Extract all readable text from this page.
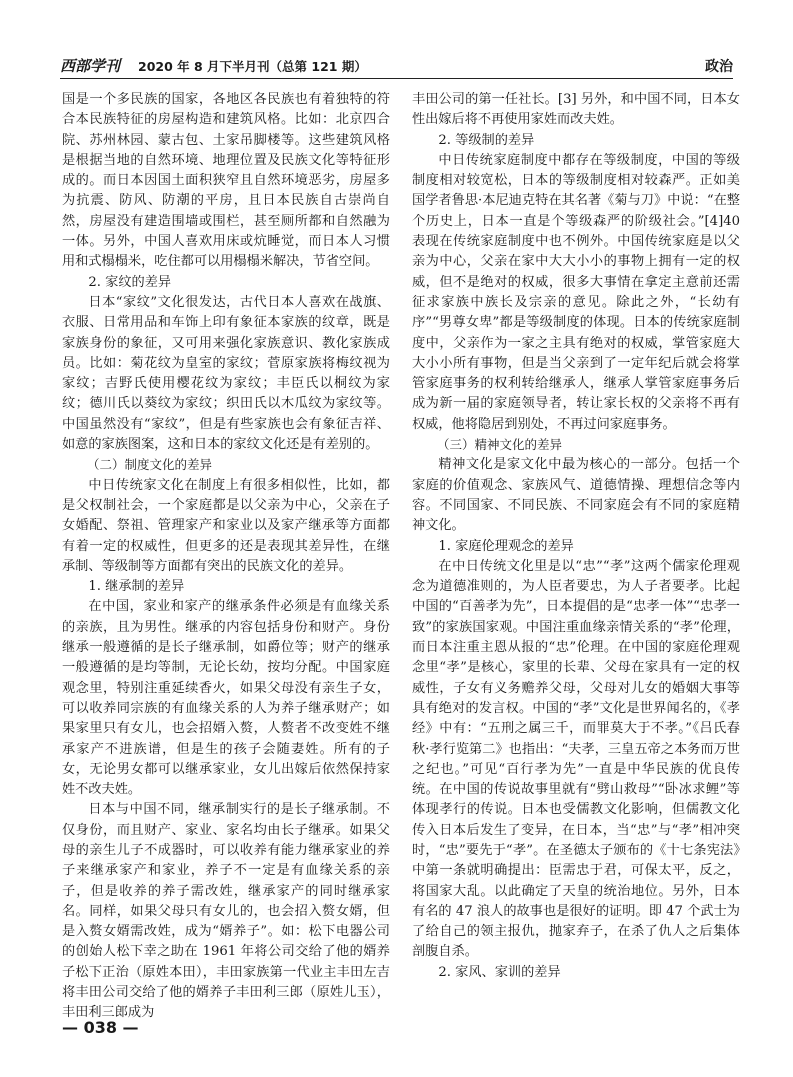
西部学刊 2020 年 8 月下半月刊（总第 121 期）	政治

国是一个多民族的国家，各地区各民族也有着独特的符合本民族特征的房屋构造和建筑风格。比如：北京四合院、苏州林园、蒙古包、土家吊脚楼等。这些建筑风格是根据当地的自然环境、地理位置及民族文化等特征形成的。而日本因国土面积狭窄且自然环境恶劣，房屋多为抗震、防风、防潮的平房，且日本民族自古崇尚自然，房屋没有建造围墙或围栏，甚至厕所都和自然融为一体。另外，中国人喜欢用床或炕睡觉，而日本人习惯用和式榻榻米，吃住都可以用榻榻米解决，节省空间。

2. 家纹的差异

日本“家纹”文化很发达，古代日本人喜欢在战旗、衣服、日常用品和车饰上印有象征本家族的纹章，既是家族身份的象征，又可用来强化家族意识、教化家族成员。比如：菊花纹为皇室的家纹；菅原家族将梅纹视为家纹；吉野氏使用樱花纹为家纹；丰臣氏以桐纹为家纹；德川氏以葵纹为家纹；织田氏以木瓜纹为家纹等。中国虽然没有“家纹”，但是有些家族也会有象征吉祥、如意的家族图案，这和日本的家纹文化还是有差别的。

（二）制度文化的差异

中日传统家文化在制度上有很多相似性，比如，都是父权制社会，一个家庭都是以父亲为中心，父亲在子女婚配、祭祖、管理家产和家业以及家产继承等方面都有着一定的权威性，但更多的还是表现其差异性，在继承制、等级制等方面都有突出的民族文化的差异。

1. 继承制的差异

在中国，家业和家产的继承条件必须是有血缘关系的亲族，且为男性。继承的内容包括身份和财产。身份继承一般遵循的是长子继承制，如爵位等；财产的继承一般遵循的是均等制，无论长幼，按均分配。中国家庭观念里，特别注重延续香火，如果父母没有亲生子女，可以收养同宗族的有血缘关系的人为养子继承财产；如果家里只有女儿，也会招婿入赘，人赘者不改变姓不继承家产不进族谱，但是生的孩子会随妻姓。所有的子女，无论男女都可以继承家业，女儿出嫁后依然保持家姓不改夫姓。

日本与中国不同，继承制实行的是长子继承制。不仅身份，而且财产、家业、家名均由长子继承。如果父母的亲生儿子不成器时，可以收养有能力继承家业的养子来继承家产和家业，养子不一定是有血缘关系的亲子，但是收养的养子需改姓，继承家产的同时继承家名。同样，如果父母只有女儿的，也会招入赘女婿，但是入赘女婿需改姓，成为“婿养子”。如：松下电器公司的创始人松下幸之助在 1961 年将公司交给了他的婿养子松下正治（原姓本田），丰田家族第一代业主丰田左吉将丰田公司交给了他的婿养子丰田利三郎（原姓儿玉），丰田利三郎成为

丰田公司的第一任社长。[3] 另外，和中国不同，日本女性出嫁后将不再使用家姓而改夫姓。

2. 等级制的差异

中日传统家庭制度中都存在等级制度，中国的等级制度相对较宽松，日本的等级制度相对较森严。正如美国学者鲁思·本尼迪克特在其名著《菊与刀》中说：“在整个历史上，日本一直是个等级森严的阶级社会。”[4]40 表现在传统家庭制度中也不例外。中国传统家庭是以父亲为中心，父亲在家中大大小小的事物上拥有一定的权威，但不是绝对的权威，很多大事情在拿定主意前还需征求家族中族长及宗亲的意见。除此之外，“长幼有序”“男尊女卑”都是等级制度的体现。日本的传统家庭制度中，父亲作为一家之主具有绝对的权威，掌管家庭大大小小所有事物，但是当父亲到了一定年纪后就会将掌管家庭事务的权利转给继承人，继承人掌管家庭事务后成为新一届的家庭领导者，转让家长权的父亲将不再有权威，他将隐居到别处，不再过问家庭事务。

（三）精神文化的差异

精神文化是家文化中最为核心的一部分。包括一个家庭的价值观念、家族风气、道德情操、理想信念等内容。不同国家、不同民族、不同家庭会有不同的家庭精神文化。

1. 家庭伦理观念的差异

在中日传统文化里是以“忠”“孝”这两个儒家伦理观念为道德准则的，为人臣者要忠，为人子者要孝。比起中国的“百善孝为先”，日本提倡的是“忠孝一体”“忠孝一致”的家族国家观。中国注重血缘亲情关系的“孝”伦理，而日本注重主恩从报的“忠”伦理。在中国的家庭伦理观念里“孝”是核心，家里的长辈、父母在家具有一定的权威性，子女有义务赡养父母，父母对儿女的婚姻大事等具有绝对的发言权。中国的“孝”文化是世界闻名的，《孝经》中有：“五刑之属三千，而罪莫大于不孝。”《吕氏春秋·孝行览第二》也指出：“夫孝，三皇五帝之本务而万世之纪也。”可见“百行孝为先”一直是中华民族的优良传统。在中国的传说故事里就有“劈山救母”“卧冰求鲤”等体现孝行的传说。日本也受儒教文化影响，但儒教文化传入日本后发生了变异，在日本，当“忠”与“孝”相冲突时，“忠”要先于“孝”。在圣德太子颁布的《十七条宪法》中第一条就明确提出：臣需忠于君，可保太平，反之，将国家大乱。以此确定了天皇的统治地位。另外，日本有名的 47 浪人的故事也是很好的证明。即 47 个武士为了给自己的领主报仇，抛家弃子，在杀了仇人之后集体剖腹自杀。

2. 家风、家训的差异

— 038 —
